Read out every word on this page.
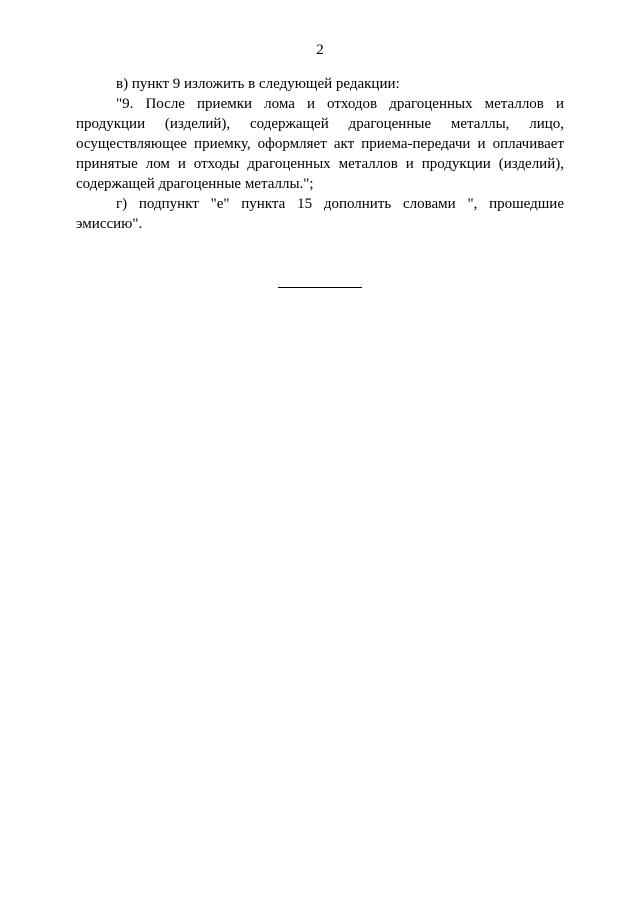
2

в) пункт 9 изложить в следующей редакции:

"9. После приемки лома и отходов драгоценных металлов и продукции (изделий), содержащей драгоценные металлы, лицо, осуществляющее приемку, оформляет акт приема-передачи и оплачивает принятые лом и отходы драгоценных металлов и продукции (изделий), содержащей драгоценные металлы.";

г) подпункт "е" пункта 15 дополнить словами ", прошедшие эмиссию".
